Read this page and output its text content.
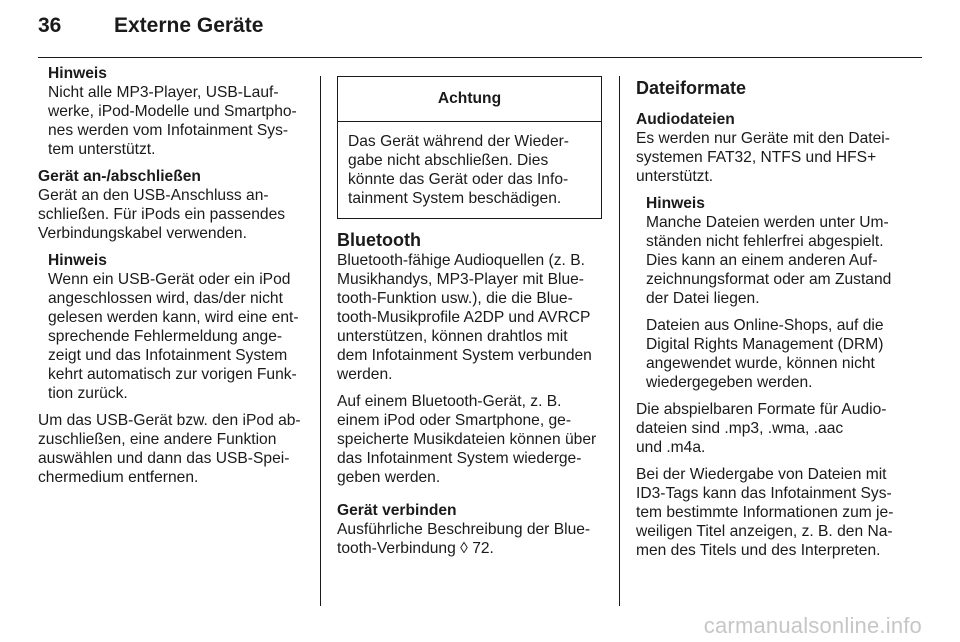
36	Externe Geräte

Hinweis

Nicht alle MP3-Player, USB-Lauf-

werke, iPod-Modelle und Smartpho-

nes werden vom Infotainment Sys-

tem unterstützt.

Gerät an-/abschließen

Gerät an den USB-Anschluss an-

schließen. Für iPods ein passendes

Verbindungskabel verwenden.

Hinweis

Wenn ein USB-Gerät oder ein iPod

angeschlossen wird, das/der nicht

gelesen werden kann, wird eine ent-

sprechende Fehlermeldung ange-

zeigt und das Infotainment System

kehrt automatisch zur vorigen Funk-

tion zurück.

Um das USB-Gerät bzw. den iPod ab-

zuschließen, eine andere Funktion

auswählen und dann das USB-Spei-

chermedium entfernen.

Achtung

Das Gerät während der Wieder-

gabe nicht abschließen. Dies

könnte das Gerät oder das Info-

tainment System beschädigen.

Bluetooth

Bluetooth-fähige Audioquellen (z. B.

Musikhandys, MP3-Player mit Blue-

tooth-Funktion usw.), die die Blue-

tooth-Musikprofile A2DP und AVRCP

unterstützen, können drahtlos mit

dem Infotainment System verbunden

werden.

Auf einem Bluetooth-Gerät, z. B.

einem iPod oder Smartphone, ge-

speicherte Musikdateien können über

das Infotainment System wiederge-

geben werden.

Gerät verbinden

Ausführliche Beschreibung der Blue-

tooth-Verbindung ◊ 72.

Dateiformate

Audiodateien

Es werden nur Geräte mit den Datei-

systemen FAT32, NTFS und HFS+

unterstützt.

Hinweis

Manche Dateien werden unter Um-

ständen nicht fehlerfrei abgespielt.

Dies kann an einem anderen Auf-

zeichnungsformat oder am Zustand

der Datei liegen.

Dateien aus Online-Shops, auf die

Digital Rights Management (DRM)

angewendet wurde, können nicht

wiedergegeben werden.

Die abspielbaren Formate für Audio-

dateien sind .mp3, .wma, .aac

und .m4a.

Bei der Wiedergabe von Dateien mit

ID3-Tags kann das Infotainment Sys-

tem bestimmte Informationen zum je-

weiligen Titel anzeigen, z. B. den Na-

men des Titels und des Interpreten.

carmanualsonline.info
